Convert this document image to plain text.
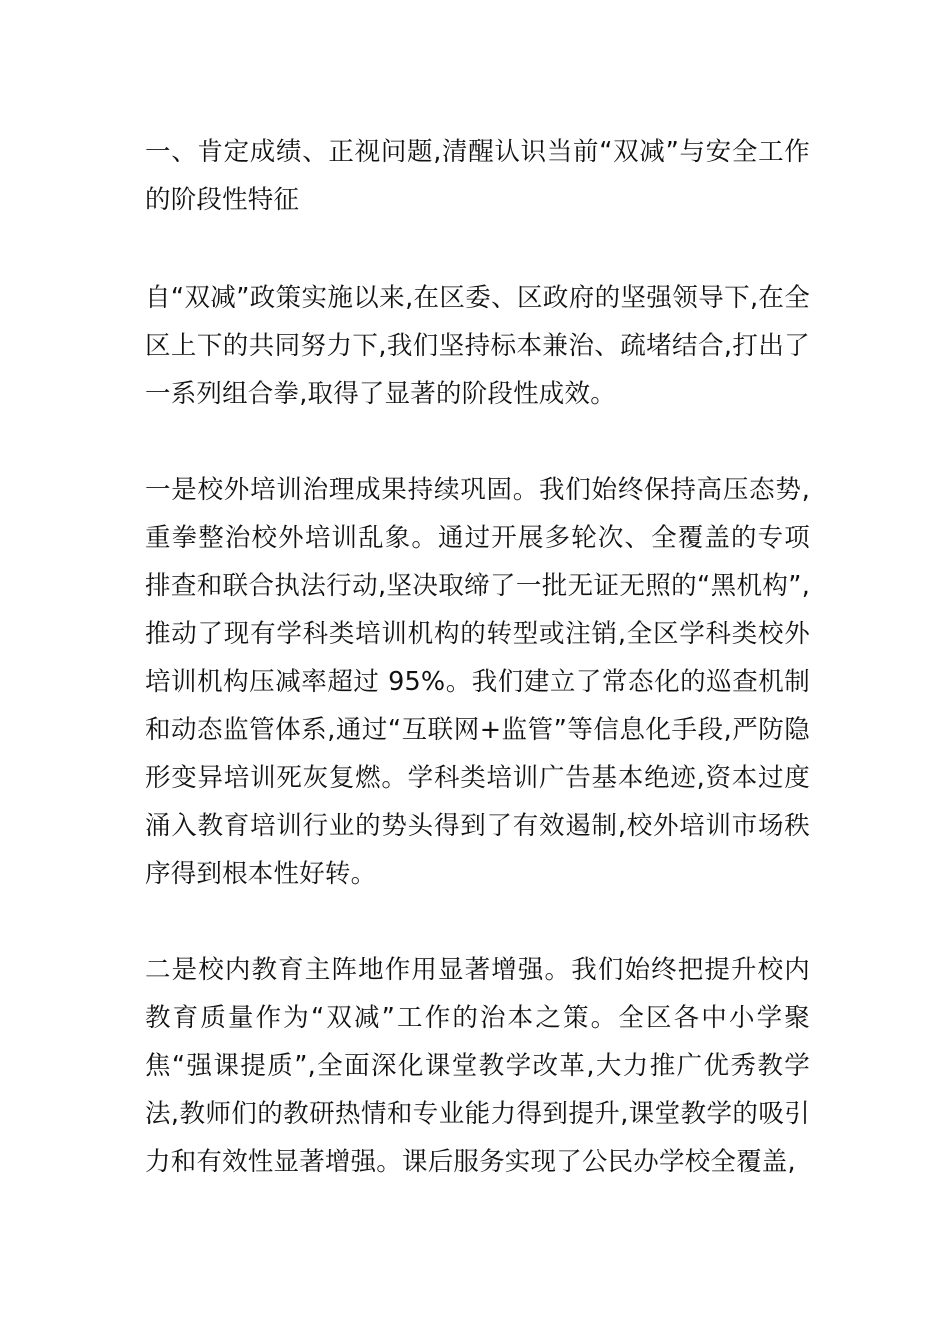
一、肯定成绩、正视问题,清醒认识当前“双减”与安全工作的阶段性特征

自“双减”政策实施以来,在区委、区政府的坚强领导下,在全区上下的共同努力下,我们坚持标本兼治、疏堵结合,打出了一系列组合拳,取得了显著的阶段性成效。

一是校外培训治理成果持续巩固。我们始终保持高压态势,重拳整治校外培训乱象。通过开展多轮次、全覆盖的专项排查和联合执法行动,坚决取缔了一批无证无照的“黑机构”,推动了现有学科类培训机构的转型或注销,全区学科类校外培训机构压减率超过 95%。我们建立了常态化的巡查机制和动态监管体系,通过“互联网+监管”等信息化手段,严防隐形变异培训死灰复燃。学科类培训广告基本绝迹,资本过度涌入教育培训行业的势头得到了有效遏制,校外培训市场秩序得到根本性好转。

二是校内教育主阵地作用显著增强。我们始终把提升校内教育质量作为“双减”工作的治本之策。全区各中小学聚焦“强课提质”,全面深化课堂教学改革,大力推广优秀教学法,教师们的教研热情和专业能力得到提升,课堂教学的吸引力和有效性显著增强。课后服务实现了公民办学校全覆盖,
